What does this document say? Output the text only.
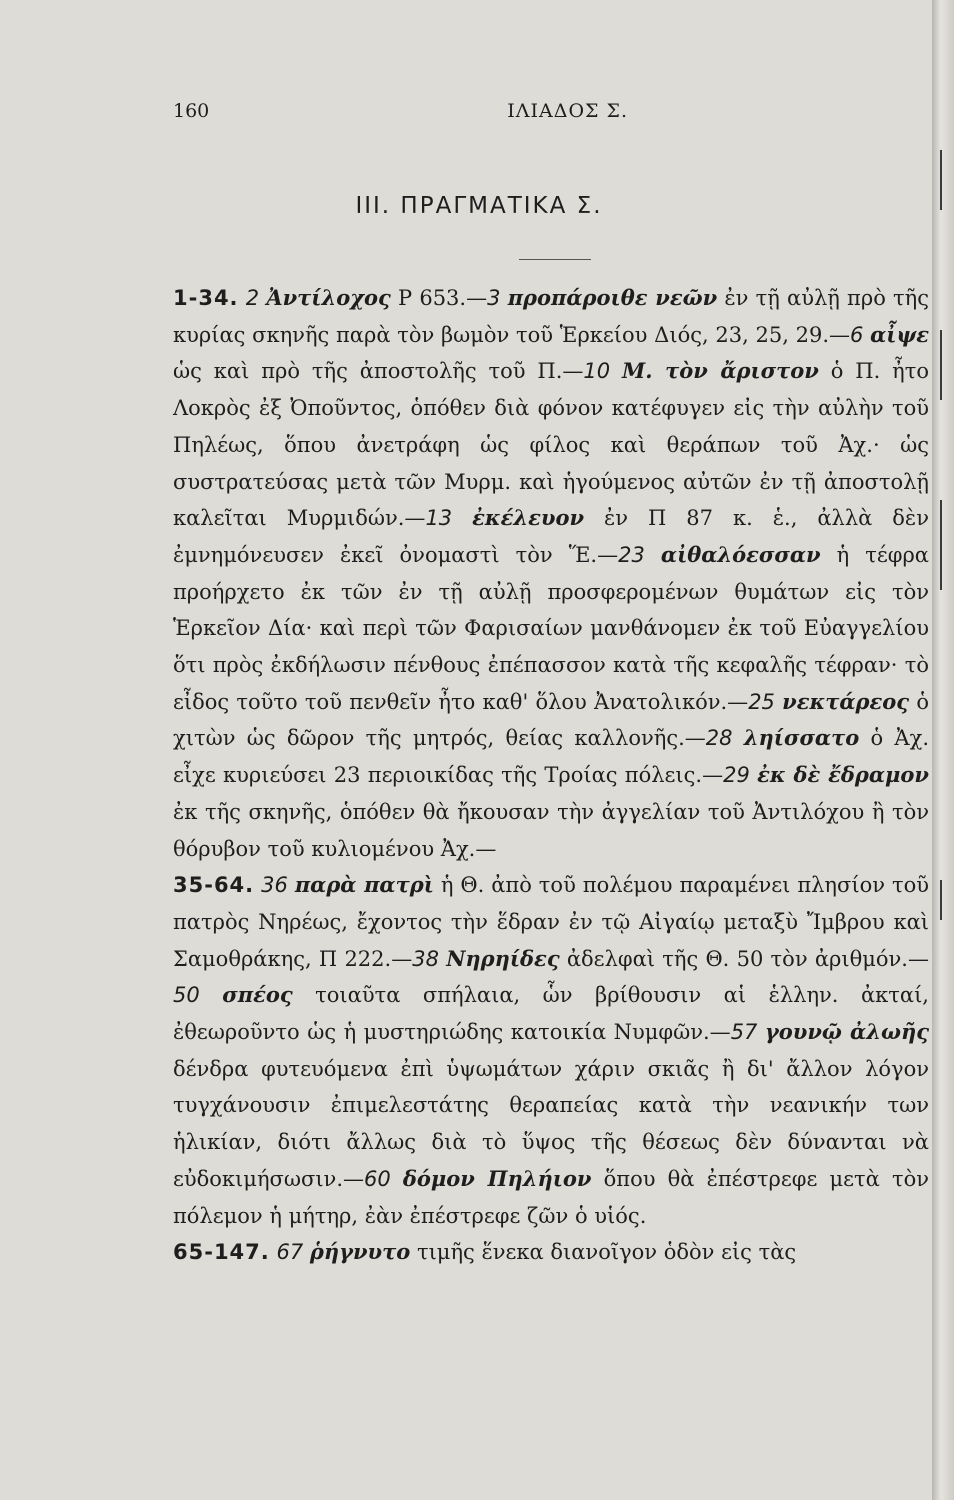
160	ΙΛΙΑΔΟΣ Σ.
ΙΙΙ. ΠΡΑΓΜΑΤΙΚΑ Σ.

1-34. 2 Ἀντίλοχος Ρ 653.—3 προπάροιθε νεῶν ἐν τῇ αὐλῇ πρὸ τῆς κυρίας σκηνῆς παρὰ τὸν βωμὸν τοῦ Ἑρκείου Διός, 23, 25, 29.—6 αἶψε ὡς καὶ πρὸ τῆς ἀποστολῆς τοῦ Π.—10 Μ. τὸν ἄριστον ὁ Π. ἦτο Λοκρὸς ἐξ Ὀποῦντος, ὁπόθεν διὰ φόνον κατέφυγεν εἰς τὴν αὐλὴν τοῦ Πηλέως, ὅπου ἀνετράφη ὡς φίλος καὶ θεράπων τοῦ Ἀχ.· ὡς συστρατεύσας μετὰ τῶν Μυρμ. καὶ ἡγούμενος αὐτῶν ἐν τῇ ἀποστολῇ καλεῖται Μυρμιδών.—13 ἐκέλευον ἐν Π 87 κ. ἑ., ἀλλὰ δὲν ἐμνημόνευσεν ἐκεῖ ὀνομαστὶ τὸν Ἕ.—23 αἰθαλόεσσαν ἡ τέφρα προήρχετο ἐκ τῶν ἐν τῇ αὐλῇ προσφερομένων θυμάτων εἰς τὸν Ἑρκεῖον Δία· καὶ περὶ τῶν Φαρισαίων μανθάνομεν ἐκ τοῦ Εὐαγγελίου ὅτι πρὸς ἐκδήλωσιν πένθους ἐπέπασσον κατὰ τῆς κεφαλῆς τέφραν· τὸ εἶδος τοῦτο τοῦ πενθεῖν ἦτο καθ' ὅλου Ἀνατολικόν.—25 νεκτάρεος ὁ χιτὼν ὡς δῶρον τῆς μητρός, θείας καλλονῆς.—28 ληίσσατο ὁ Ἀχ. εἶχε κυριεύσει 23 περιοικίδας τῆς Τροίας πόλεις.—29 ἐκ δὲ ἔδραμον ἐκ τῆς σκηνῆς, ὁπόθεν θὰ ἤκουσαν τὴν ἀγγελίαν τοῦ Ἀντιλόχου ἢ τὸν θόρυβον τοῦ κυλιομένου Ἀχ.—

35-64. 36 παρὰ πατρὶ ἡ Θ. ἀπὸ τοῦ πολέμου παραμένει πλησίον τοῦ πατρὸς Νηρέως, ἔχοντος τὴν ἕδραν ἐν τῷ Αἰγαίῳ μεταξὺ Ἴμβρου καὶ Σαμοθράκης, Π 222.—38 Νηρηίδες ἀδελφαὶ τῆς Θ. 50 τὸν ἀριθμόν.—50 σπέος τοιαῦτα σπήλαια, ὧν βρίθουσιν αἱ ἑλλην. ἀκταί, ἐθεωροῦντο ὡς ἡ μυστηριώδης κατοικία Νυμφῶν.—57 γουνῷ ἀλωῆς δένδρα φυτευόμενα ἐπὶ ὑψωμάτων χάριν σκιᾶς ἢ δι' ἄλλον λόγον τυγχάνουσιν ἐπιμελεστάτης θεραπείας κατὰ τὴν νεανικήν των ἡλικίαν, διότι ἄλλως διὰ τὸ ὕψος τῆς θέσεως δὲν δύνανται νὰ εὐδοκιμήσωσιν.—60 δόμον Πηλήιον ὅπου θὰ ἐπέστρεφε μετὰ τὸν πόλεμον ἡ μήτηρ, ἐὰν ἐπέστρεφε ζῶν ὁ υἱός.

65-147. 67 ῥήγνυτο τιμῆς ἕνεκα διανοῖγον ὁδὸν εἰς τὰς
